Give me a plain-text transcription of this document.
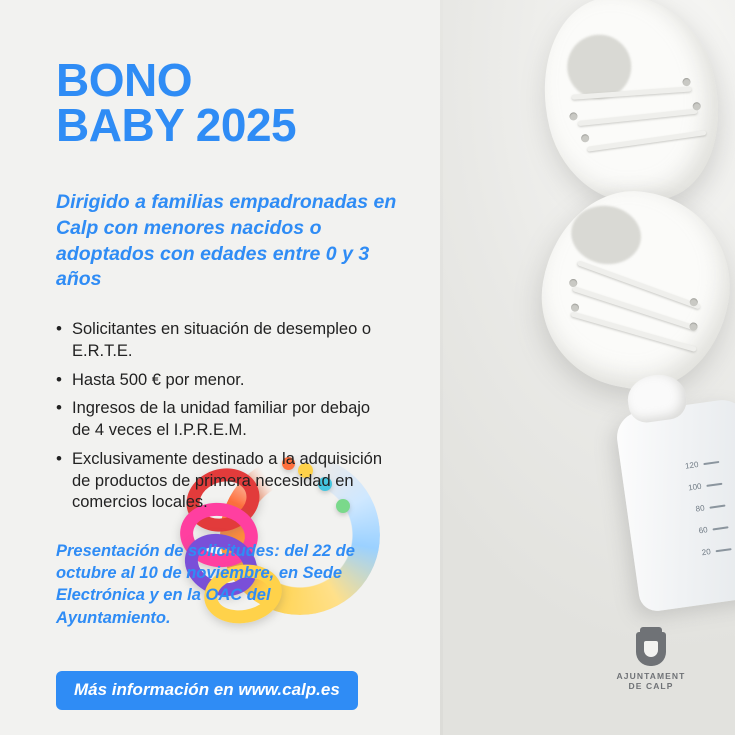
120
100
80
60
20
BONO
BABY 2025

Dirigido a familias empadronadas en Calp con menores nacidos o adoptados con edades entre 0 y 3 años

• Solicitantes en situación de desempleo o E.R.T.E.
• Hasta 500 € por menor.
• Ingresos de la unidad familiar por debajo de 4 veces el I.P.R.E.M.
• Exclusivamente destinado a la adquisición de productos de primera necesidad en comercios locales.

Presentación de solicitudes: del 22 de octubre al 10 de noviembre, en Sede Electrónica y en la OAC del Ayuntamiento.

Más información en www.calp.es
AJUNTAMENT
DE CALP
